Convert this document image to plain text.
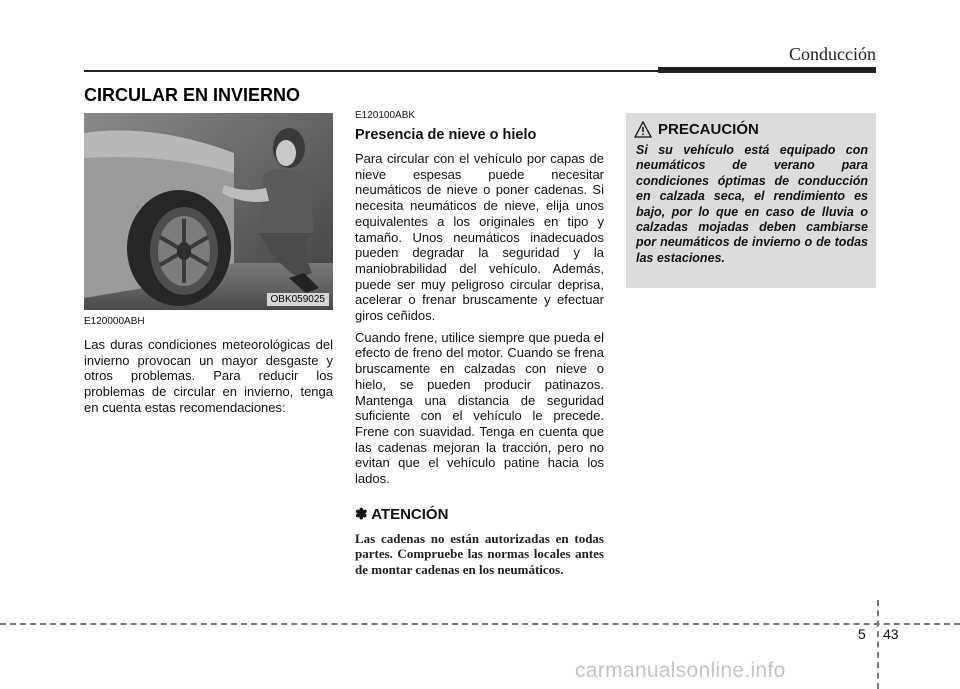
Conducción
CIRCULAR EN INVIERNO
OBK059025
E120000ABH

Las duras condiciones meteorológicas del invierno provocan un mayor desgaste y otros problemas. Para reducir los problemas de circular en invierno, tenga en cuenta estas recomendaciones:

E120100ABK
Presencia de nieve o hielo

Para circular con el vehículo por capas de nieve espesas puede necesitar neumáticos de nieve o poner cadenas. Si necesita neumáticos de nieve, elija unos equivalentes a los originales en tipo y tamaño. Unos neumáticos inadecuados pueden degradar la seguridad y la maniobrabilidad del vehículo. Además, puede ser muy peligroso circular deprisa, acelerar o frenar bruscamente y efectuar giros ceñidos.

Cuando frene, utilice siempre que pueda el efecto de freno del motor. Cuando se frena bruscamente en calzadas con nieve o hielo, se pueden producir patinazos. Mantenga una distancia de seguridad suficiente con el vehículo le precede. Frene con suavidad. Tenga en cuenta que las cadenas mejoran la tracción, pero no evitan que el vehículo patine hacia los lados.

✽ ATENCIÓN
Las cadenas no están autorizadas en todas partes. Compruebe las normas locales antes de montar cadenas en los neumáticos.
PRECAUCIÓN
Si su vehículo está equipado con neumáticos de verano para condiciones óptimas de conducción en calzada seca, el rendimiento es bajo, por lo que en caso de lluvia o calzadas mojadas deben cambiarse por neumáticos de invierno o de todas las estaciones.
5 43
carmanualsonline.info
